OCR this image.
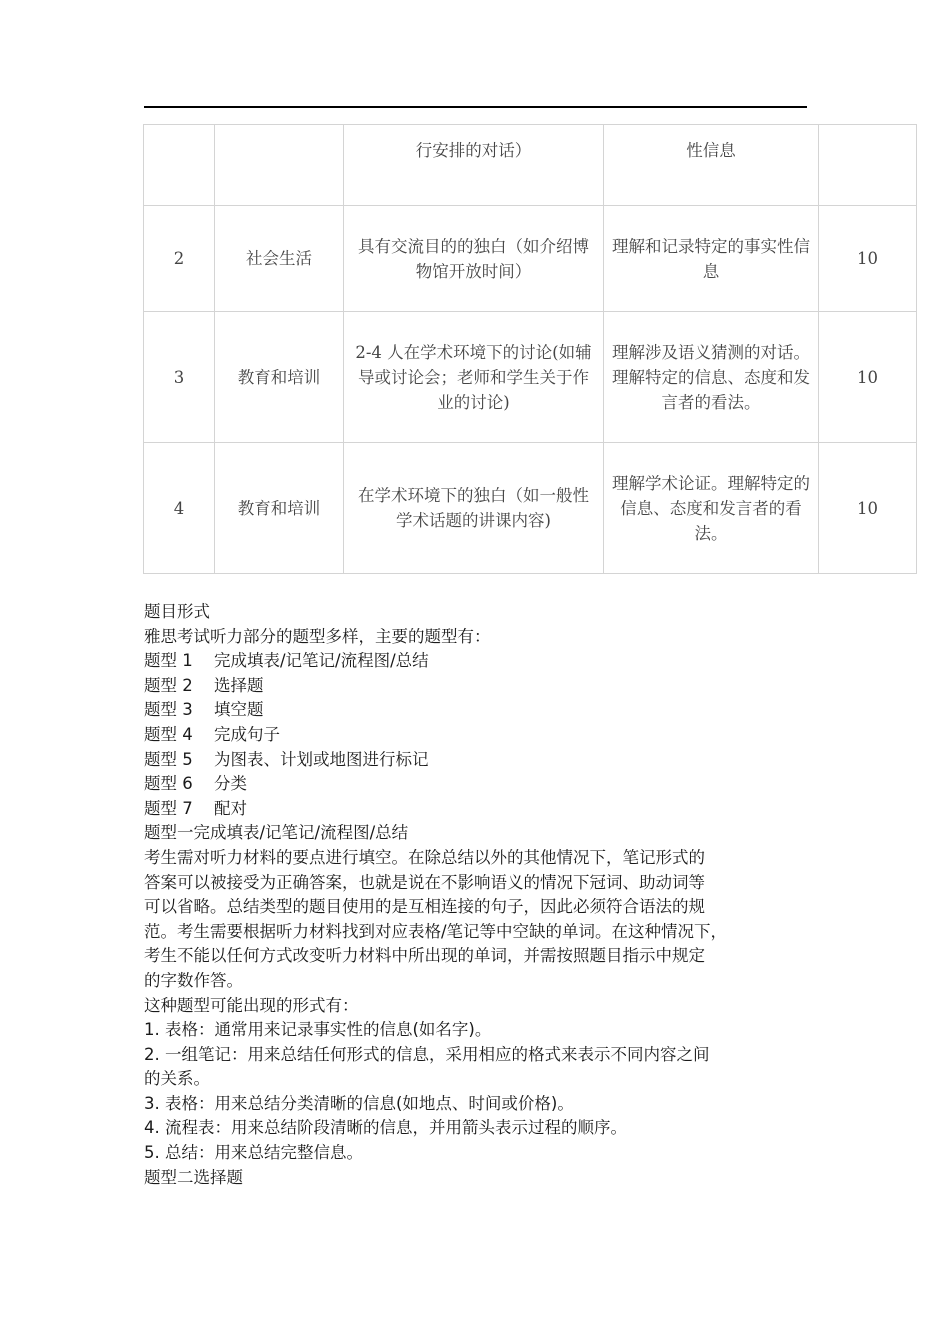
		行安排的对话）	性信息	
2	社会生活	具有交流目的的独白（如介绍博物馆开放时间）	理解和记录特定的事实性信息	10
3	教育和培训	2-4 人在学术环境下的讨论(如辅导或讨论会；老师和学生关于作业的讨论)	理解涉及语义猜测的对话。理解特定的信息、态度和发言者的看法。	10
4	教育和培训	在学术环境下的独白（如一般性学术话题的讲课内容)	理解学术论证。理解特定的信息、态度和发言者的看法。	10

题目形式

雅思考试听力部分的题型多样，主要的题型有：

题型 1 完成填表/记笔记/流程图/总结

题型 2 选择题

题型 3 填空题

题型 4 完成句子

题型 5 为图表、计划或地图进行标记

题型 6 分类

题型 7 配对

题型一完成填表/记笔记/流程图/总结

考生需对听力材料的要点进行填空。在除总结以外的其他情况下，笔记形式的

答案可以被接受为正确答案，也就是说在不影响语义的情况下冠词、助动词等

可以省略。总结类型的题目使用的是互相连接的句子，因此必须符合语法的规

范。考生需要根据听力材料找到对应表格/笔记等中空缺的单词。在这种情况下，

考生不能以任何方式改变听力材料中所出现的单词，并需按照题目指示中规定

的字数作答。

这种题型可能出现的形式有：

1. 表格：通常用来记录事实性的信息(如名字)。

2. 一组笔记：用来总结任何形式的信息，采用相应的格式来表示不同内容之间

的关系。

3. 表格：用来总结分类清晰的信息(如地点、时间或价格)。

4. 流程表：用来总结阶段清晰的信息，并用箭头表示过程的顺序。

5. 总结：用来总结完整信息。

题型二选择题
